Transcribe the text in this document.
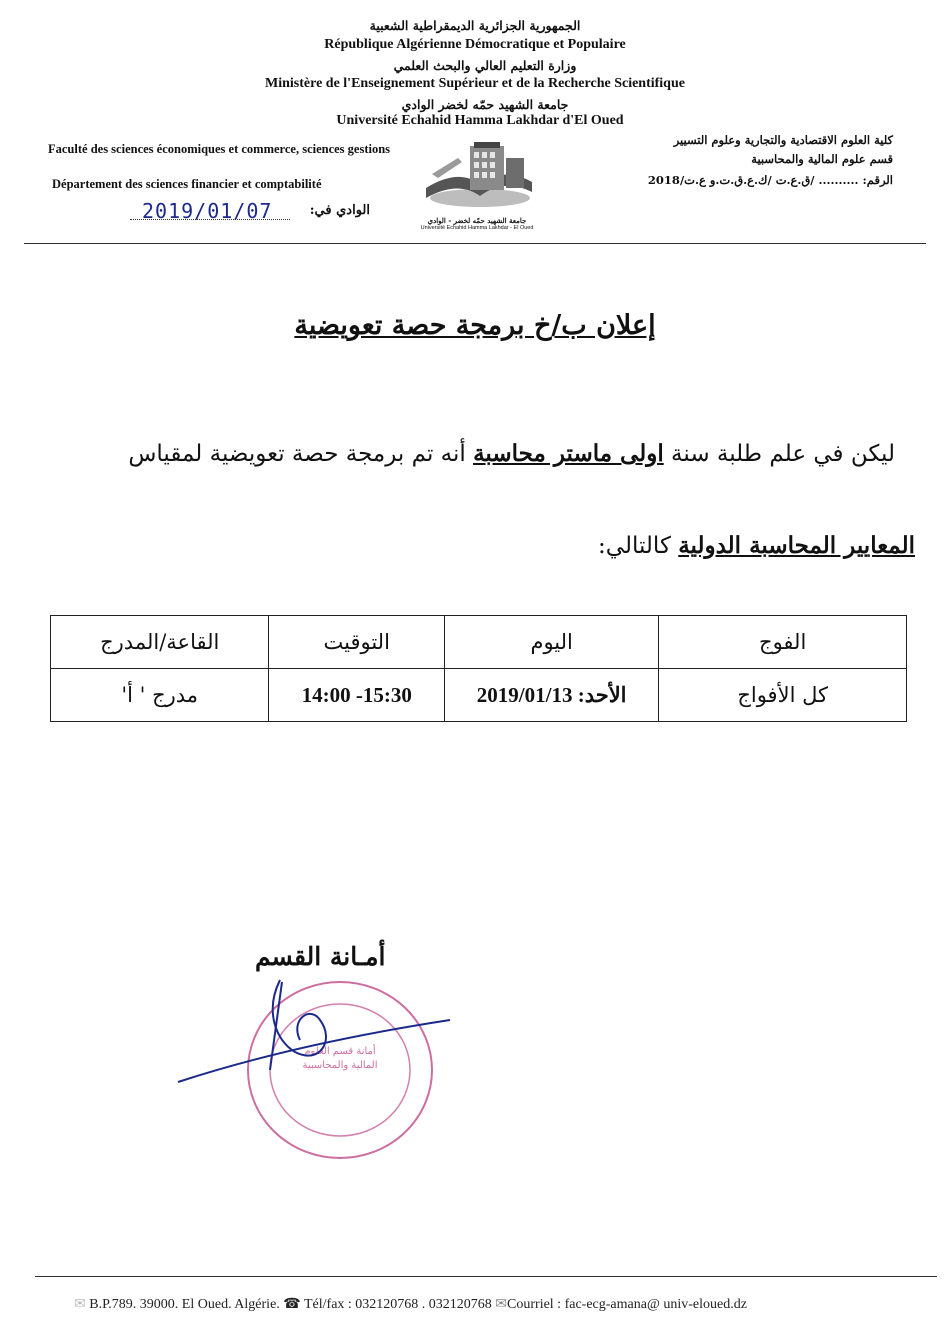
الجمهورية الجزائرية الديمقراطية الشعبية
République Algérienne Démocratique et Populaire
وزارة التعليم العالي والبحث العلمي
Ministère de l'Enseignement Supérieur et de la Recherche Scientifique
جامعة الشهيد حمّه لخضر الوادي
Université Echahid Hamma Lakhdar d'El Oued
Faculté des sciences économiques et commerce, sciences gestions
Département des sciences financier et comptabilité
2019/01/07	الوادي في:
كلية العلوم الاقتصادية والتجارية وعلوم التسيير
قسم علوم المالية والمحاسبية
الرقم: .......... /ق.ع.ت /ك.ع.ق.ت.و ع.ت/2018
جامعة الشهيد حمّه لخضر - الوادي
Université Echahid Hamma Lakhdar - El Oued
إعلان ب/خ برمجة حصة تعويضية
ليكن في علم طلبة سنة اولى ماستر محاسبة أنه تم برمجة حصة تعويضية لمقياس
المعايير المحاسبة الدولية كالتالي:
الفوج	اليوم	التوقيت	القاعة/المدرج
كل الأفواج	الأحد: 2019/01/13	14:00 -15:30	مدرج ' أ'
أمـانة القسم
أمانة قسم العلوم المالية والمحاسبية
✉ B.P.789. 39000. El Oued. Algérie. ☎ Tél/fax : 032120768 . 032120768 ✉Courriel : fac-ecg-amana@ univ-eloued.dz
